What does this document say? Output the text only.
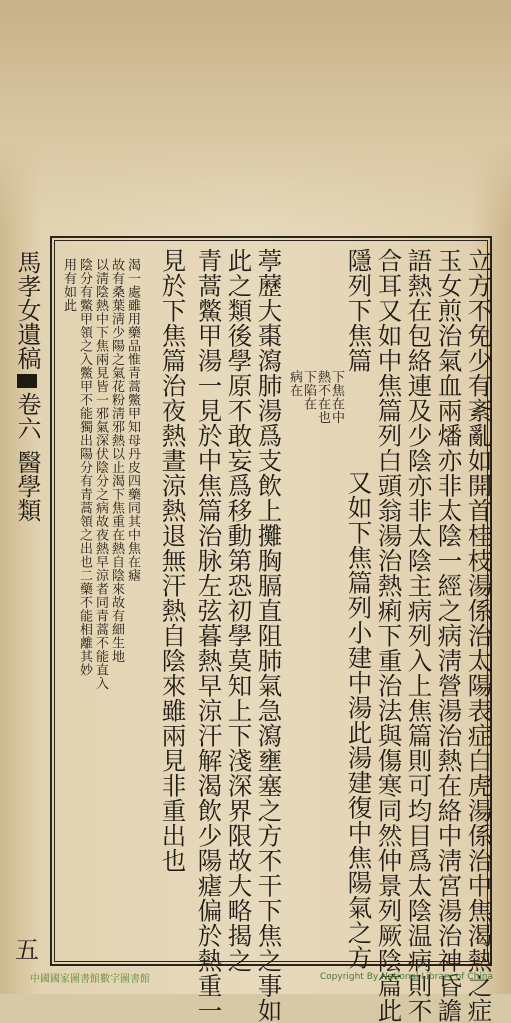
馬孝女遺稿卷六醫學類
五	立方不免少有紊亂如開首桂枝湯係治太陽表症白虎湯係治中焦渴熱之症
玉女煎治氣血兩燔亦非太陰一經之病淸營湯治熱在絡中淸宮湯治神昏譫
語熱在包絡連及少陰亦非太陰主病列入上焦篇則可均目爲太陰温病則不
合耳又如中焦篇列白頭翁湯治熱痢下重治法與傷寒同然仲景列厥陰篇此
隱列下焦篇
下焦在中
熱不在也
下陷在
病在
又如下焦篇列小建中湯此湯建復中焦陽氣之方
葶藶大棗瀉肺湯爲支飲上攤胸膈直阻肺氣急瀉壅塞之方不干下焦之事如
此之類後學原不敢妄爲移動第恐初學莫知上下淺深界限故大略揭之
青蒿鱉甲湯一見於中焦篇治脉左弦暮熱早涼汗解渴飲少陽瘧偏於熱重一
見於下焦篇治夜熱晝涼熱退無汗熱自陰來雖兩見非重出也
渴一處雖用藥品惟青蒿鱉甲知母丹皮四藥同其中焦在瘧
故有桑葉淸少陽之氣花粉淸邪熱以止渴下焦重在熱自陰來故有細生地
以淸陰熱中下焦兩見皆一邪氣深伏陰分之病故夜熱早涼者同青蒿不能直入
陰分有鱉甲領之入鱉甲不能獨出陽分有青蒿領之出也二藥不能相離其妙
用有如此
中國國家圖書館數字圖書館	Copyright By National Library of China
